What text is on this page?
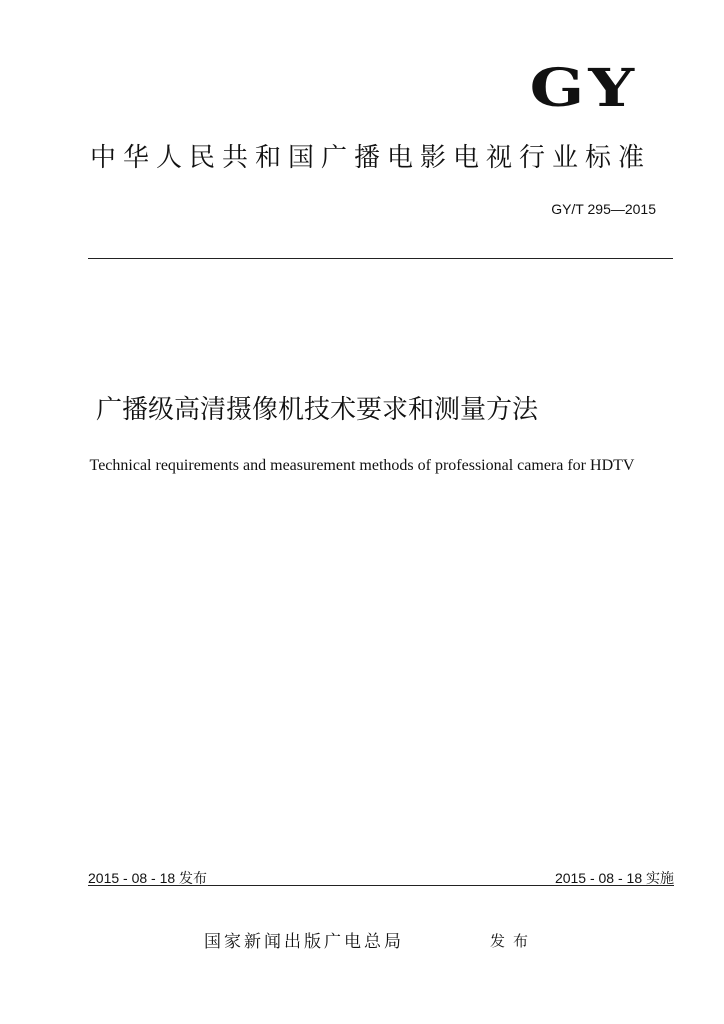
GY
中华人民共和国广播电影电视行业标准
GY/T 295—2015
广播级高清摄像机技术要求和测量方法
Technical requirements and measurement methods of professional camera for HDTV
2015 - 08 - 18 发布	2015 - 08 - 18 实施
国家新闻出版广电总局	发布
